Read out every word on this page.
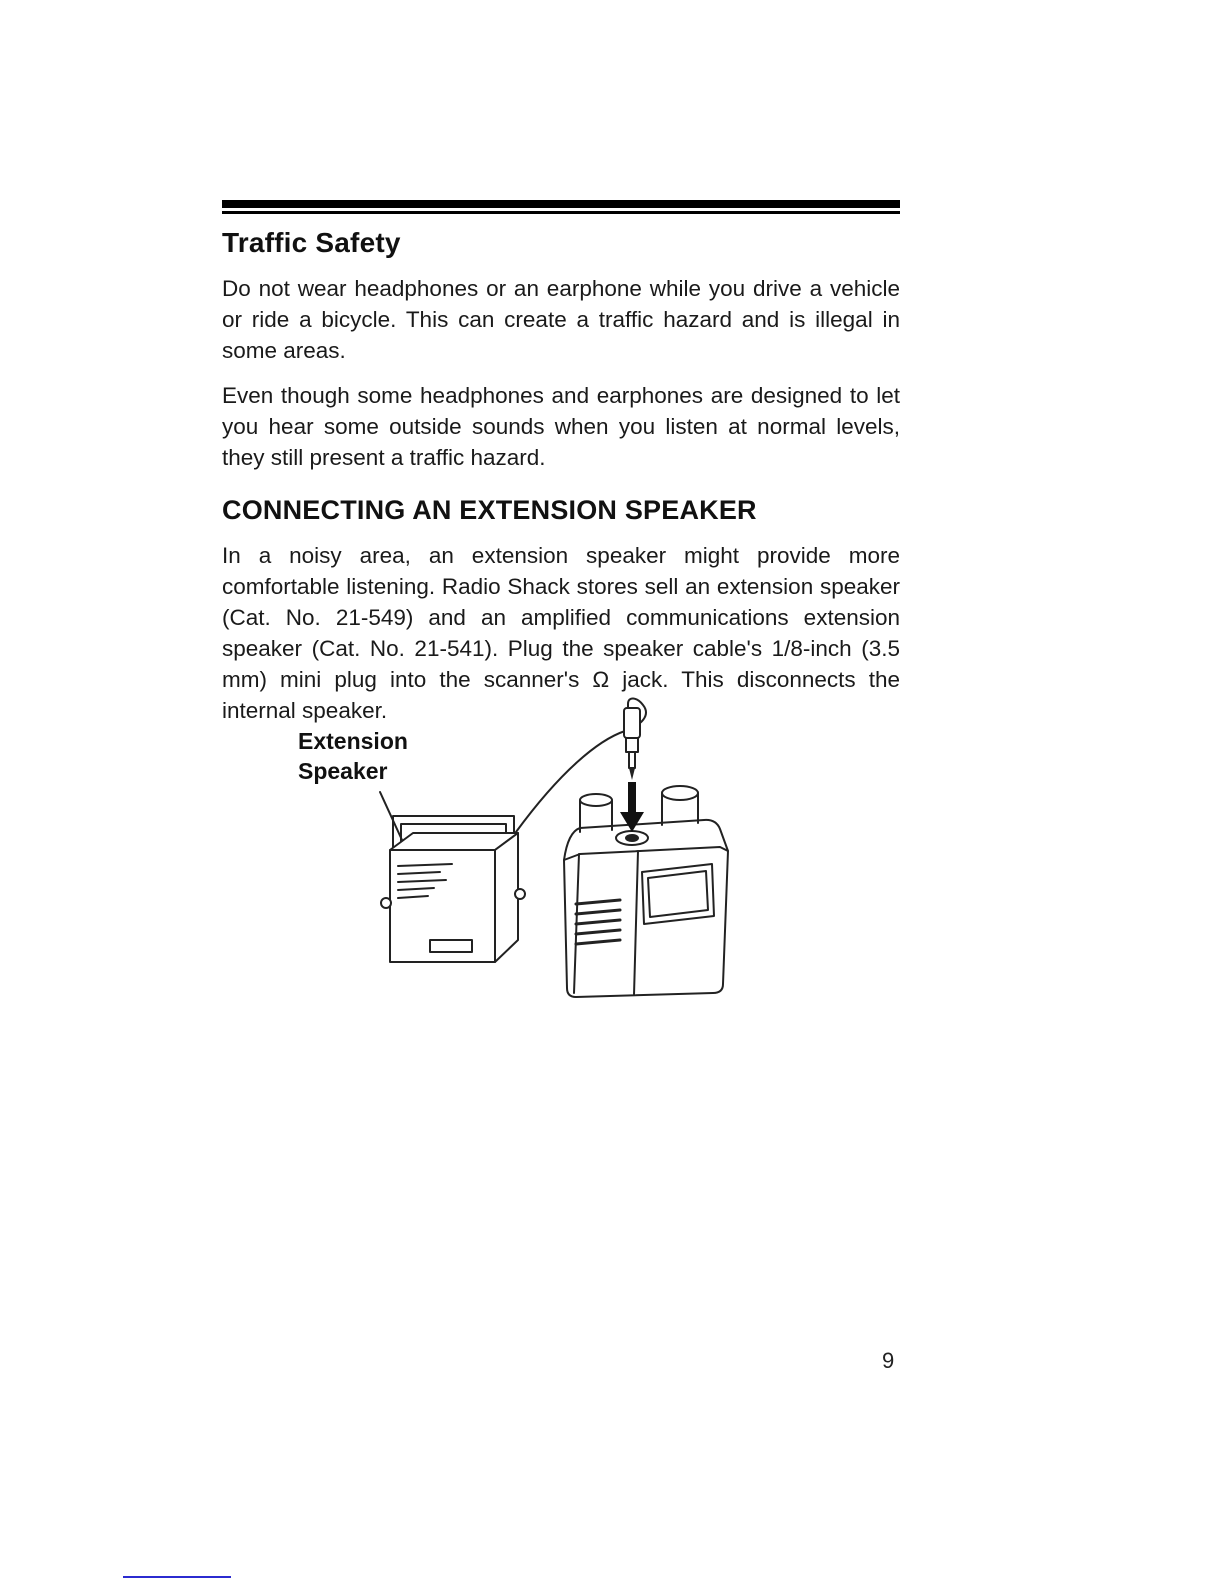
Traffic Safety

Do not wear headphones or an earphone while you drive a vehicle or ride a bicycle. This can create a traffic hazard and is illegal in some areas.

Even though some headphones and earphones are designed to let you hear some outside sounds when you listen at normal levels, they still present a traffic hazard.

CONNECTING AN EXTENSION SPEAKER

In a noisy area, an extension speaker might provide more comfortable listening. Radio Shack stores sell an extension speaker (Cat. No. 21-549) and an amplified communications extension speaker (Cat. No. 21-541). Plug the speaker cable's 1/8-inch (3.5 mm) mini plug into the scanner's Ω jack. This disconnects the internal speaker.

Extension
Speaker
9
